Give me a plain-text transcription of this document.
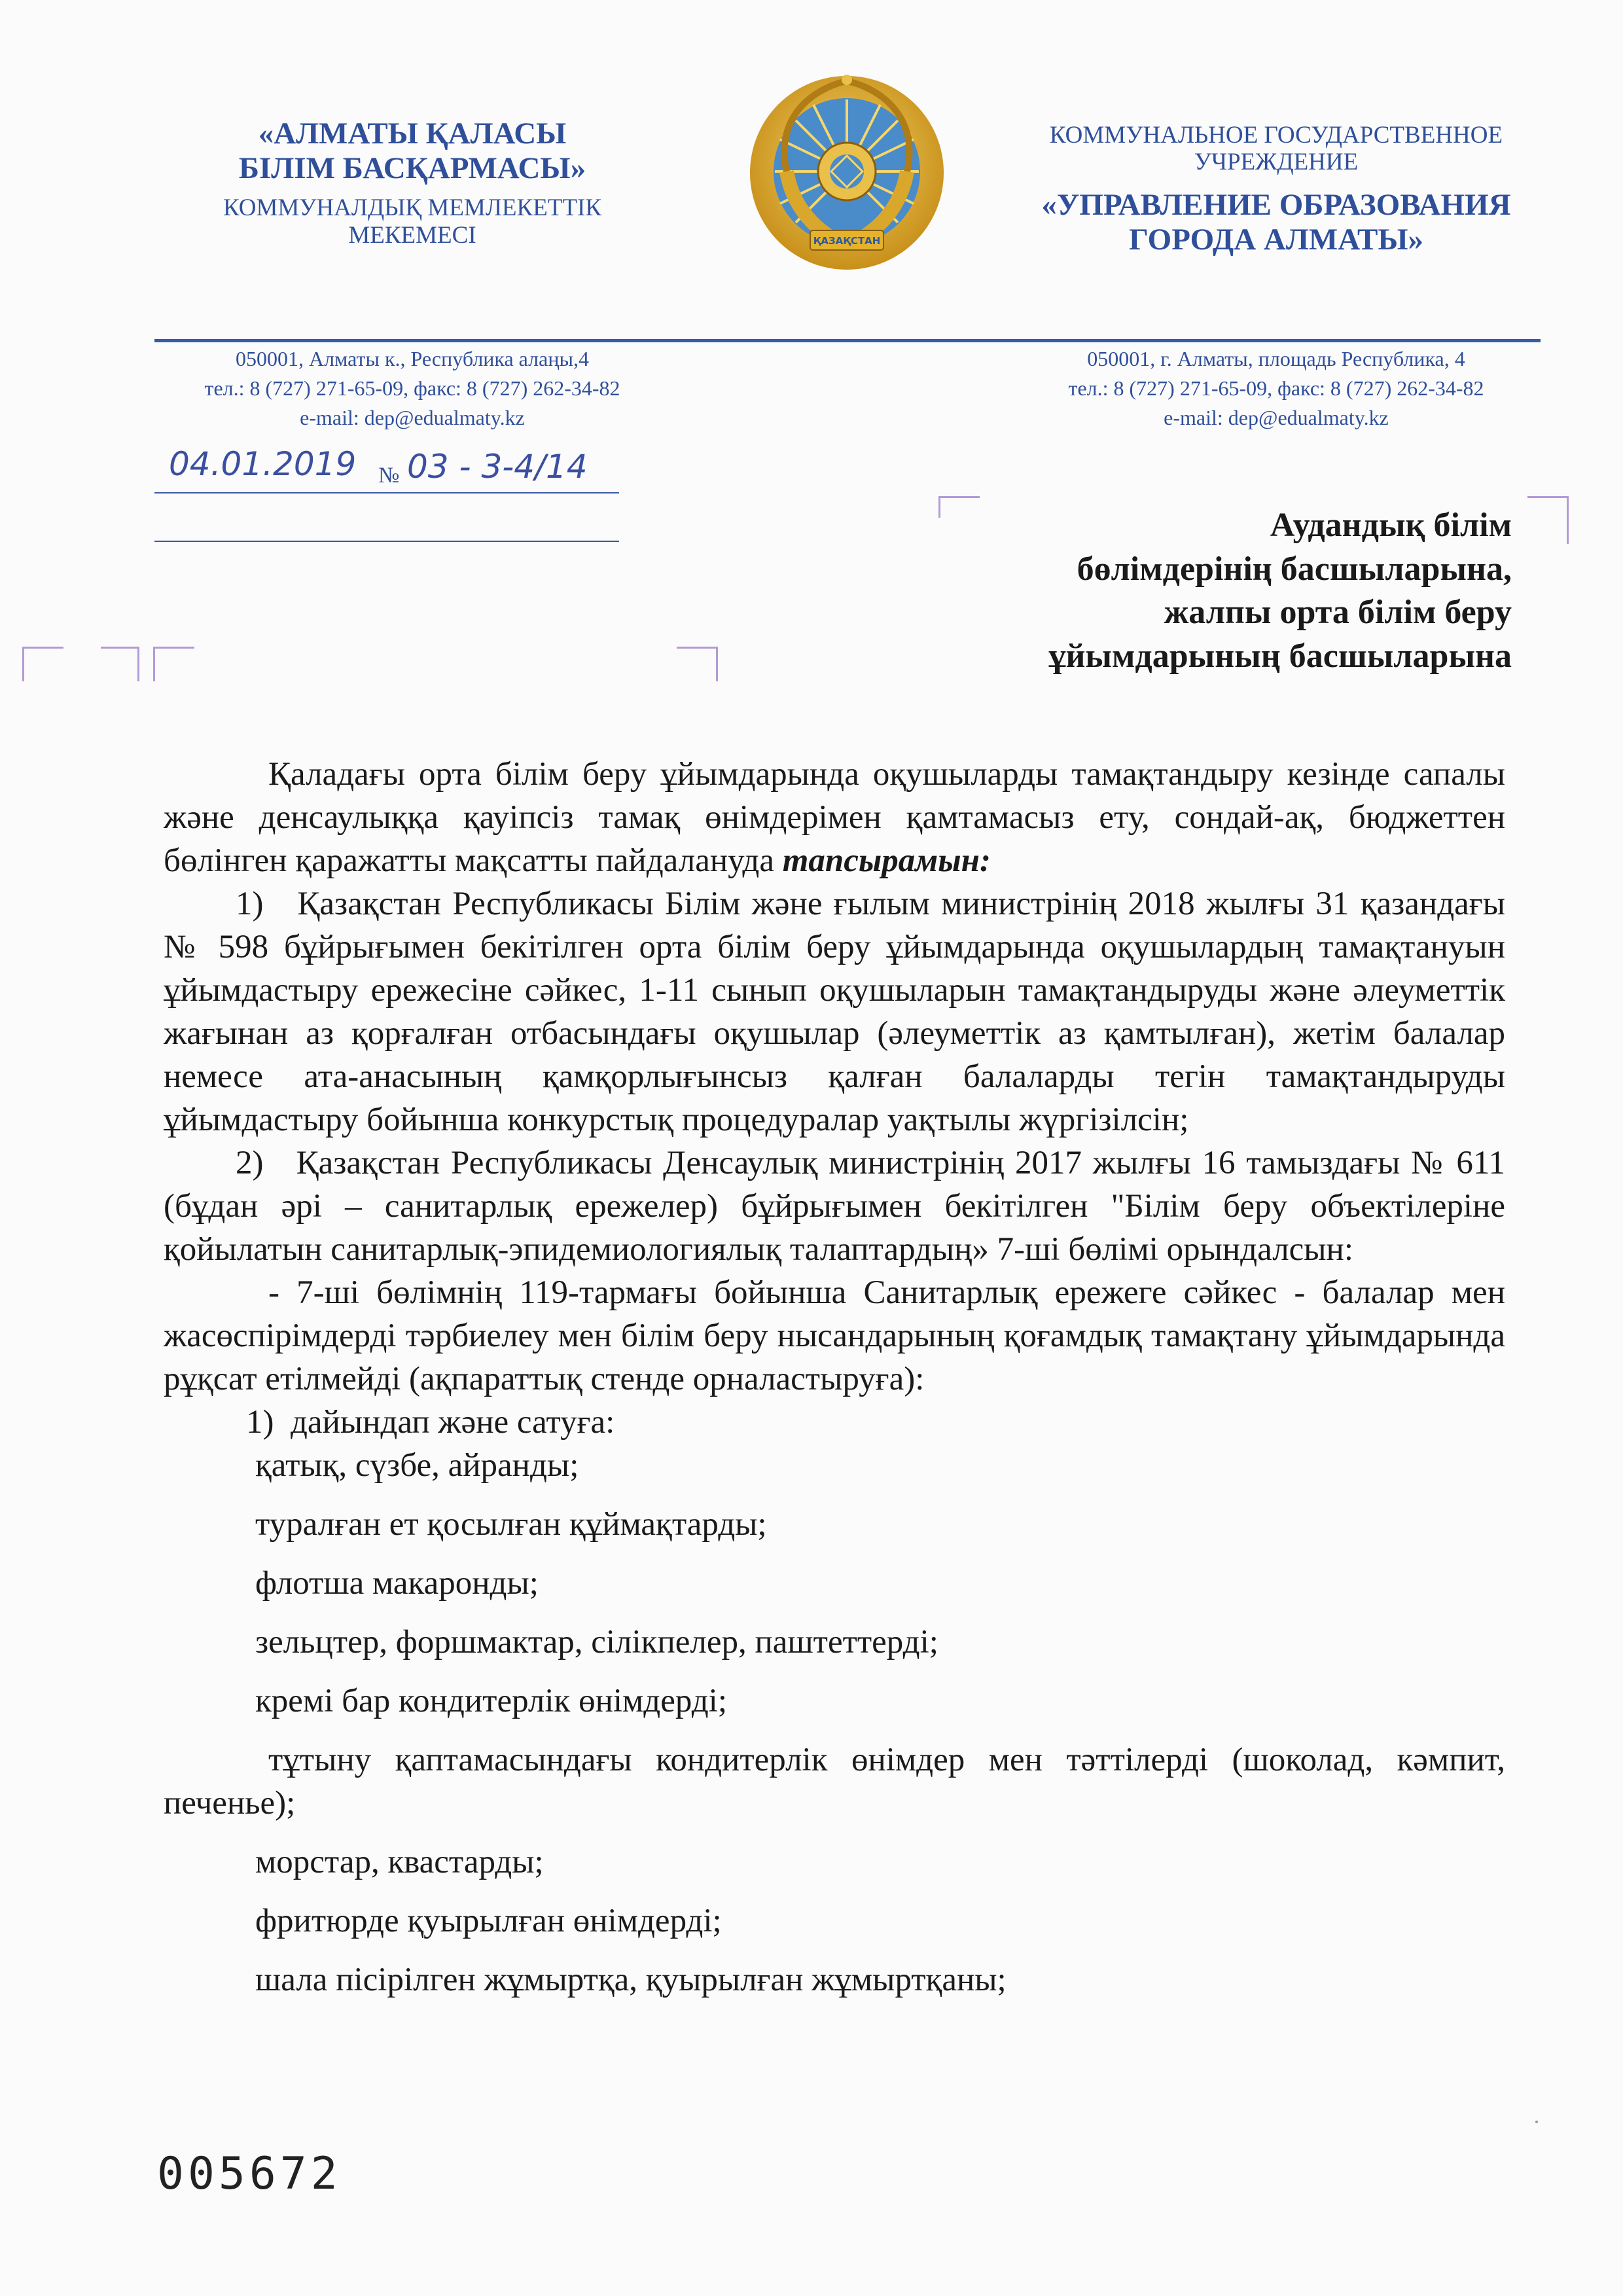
«АЛМАТЫ ҚАЛАСЫ
БІЛІМ БАСҚАРМАСЫ»
КОММУНАЛДЫҚ МЕМЛЕКЕТТІК
МЕКЕМЕСІ	ҚАЗАҚСТАН
КОММУНАЛЬНОЕ ГОСУДАРСТВЕННОЕ
УЧРЕЖДЕНИЕ
«УПРАВЛЕНИЕ ОБРАЗОВАНИЯ
ГОРОДА АЛМАТЫ»
050001, Алматы к., Республика алаңы,4
тел.: 8 (727) 271-65-09, факс: 8 (727) 262-34-82
e-mail: dep@edualmaty.kz
050001, г. Алматы, площадь Республика, 4
тел.: 8 (727) 271-65-09, факс: 8 (727) 262-34-82
e-mail: dep@edualmaty.kz
04.01.2019 № 03 - 3-4/14
Аудандық білім
бөлімдерінің басшыларына,
жалпы орта білім беру
ұйымдарының басшыларына

Қаладағы орта білім беру ұйымдарында оқушыларды тамақтандыру кезінде сапалы және денсаулыққа қауіпсіз тамақ өнімдерімен қамтамасыз ету, сондай-ақ, бюджеттен бөлінген қаражатты мақсатты пайдалануда тапсырамын:

1)   Қазақстан Республикасы Білім және ғылым министрінің 2018 жылғы 31 қазандағы № 598 бұйрығымен бекітілген орта білім беру ұйымдарында оқушылардың тамақтануын ұйымдастыру ережесіне сәйкес, 1-11 сынып оқушыларын тамақтандыруды және әлеуметтік жағынан аз қорғалған отбасындағы оқушылар (әлеуметтік аз қамтылған), жетім балалар немесе ата-анасының қамқорлығынсыз қалған балаларды тегін тамақтандыруды ұйымдастыру бойынша конкурстық процедуралар уақтылы жүргізілсін;

2)   Қазақстан Республикасы Денсаулық министрінің 2017 жылғы 16 тамыздағы № 611 (бұдан әрі – санитарлық ережелер) бұйрығымен бекітілген "Білім беру объектілеріне қойылатын санитарлық-эпидемиологиялық талаптардың» 7-ші бөлімі орындалсын:

- 7-ші бөлімнің 119-тармағы бойынша Санитарлық ережеге сәйкес - балалар мен жасөспірімдерді тәрбиелеу мен білім беру нысандарының қоғамдық тамақтану ұйымдарында рұқсат етілмейді (ақпараттық стенде орналастыруға):

1)  дайындап және сатуға:

қатық, сүзбе, айранды;

туралған ет қосылған құймақтарды;

флотша макаронды;

зельцтер, форшмактар, сілікпелер, паштеттерді;

кремі бар кондитерлік өнімдерді;

тұтыну қаптамасындағы кондитерлік өнімдер мен тәттілерді (шоколад, кәмпит, печенье);

морстар, квастарды;

фритюрде қуырылған өнімдерді;

шала пісірілген жұмыртқа, қуырылған жұмыртқаны;

005672
